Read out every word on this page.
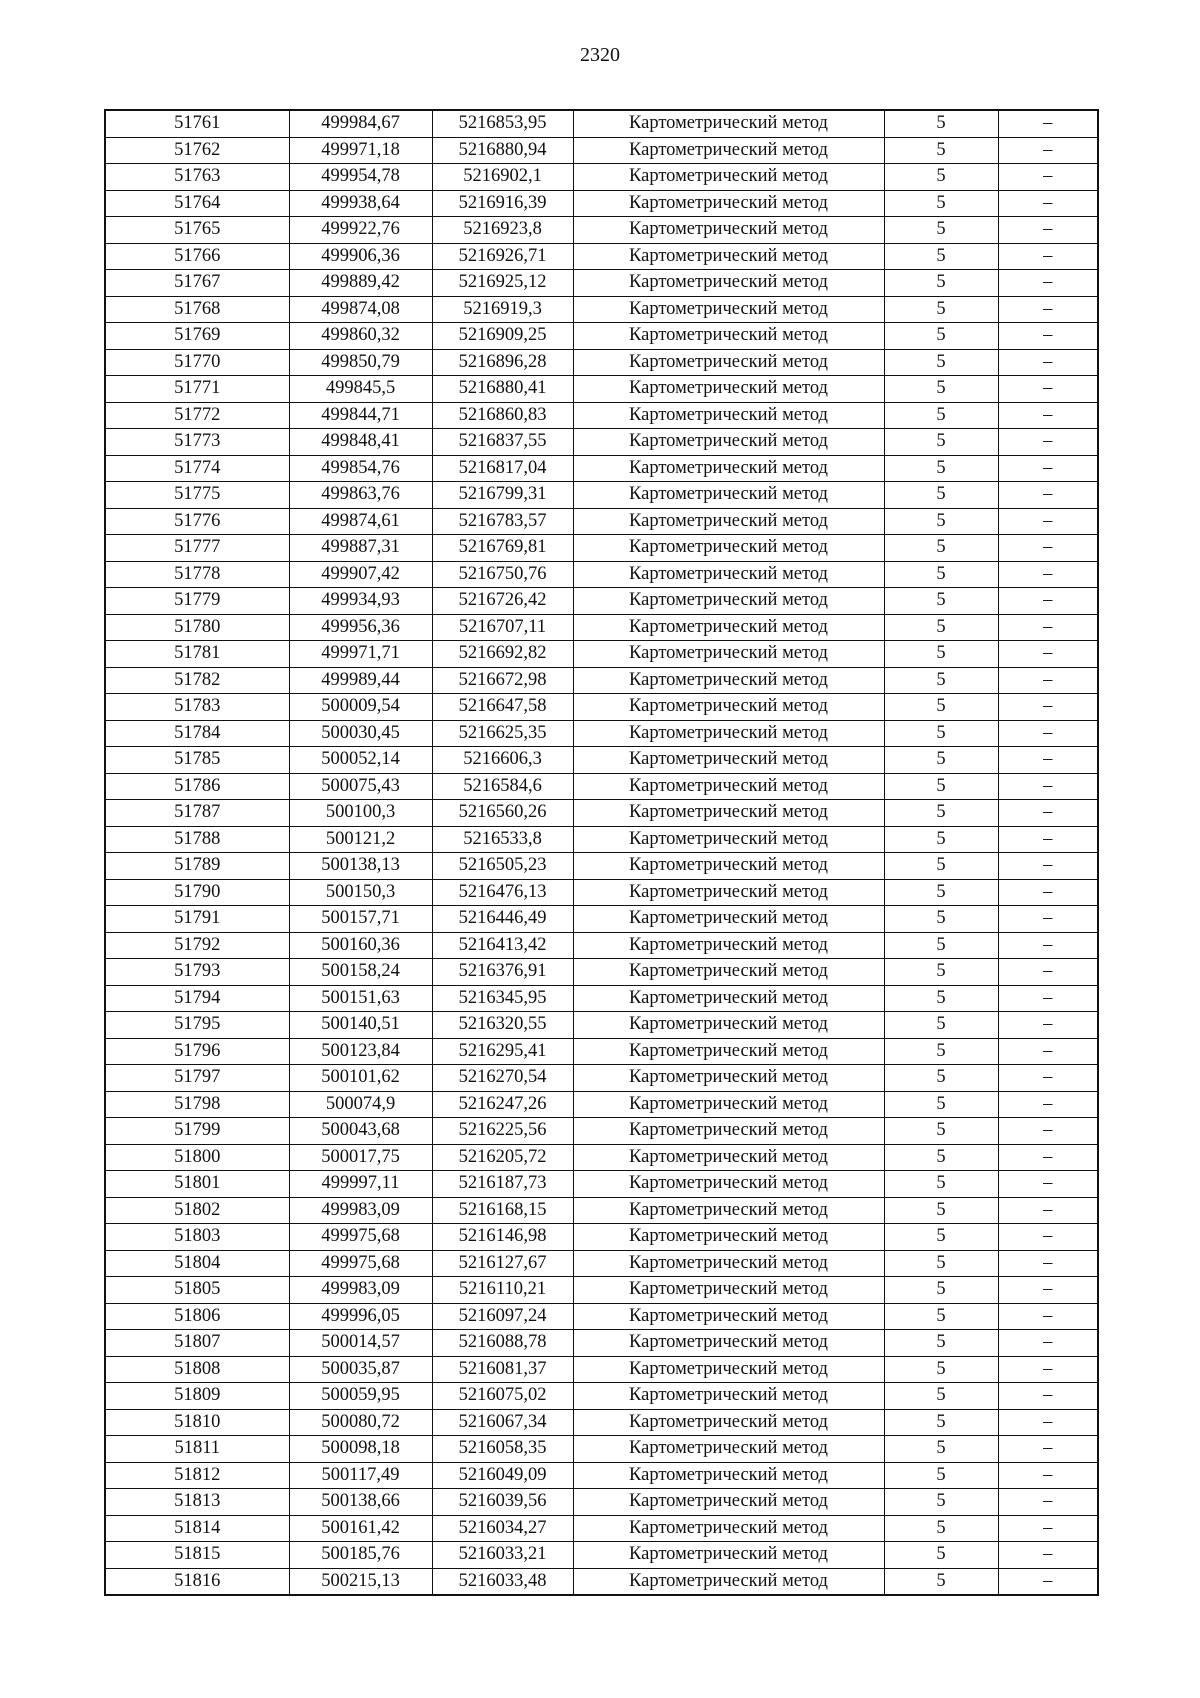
2320
51761	499984,67	5216853,95	Картометрический метод	5	–
51762	499971,18	5216880,94	Картометрический метод	5	–
51763	499954,78	5216902,1	Картометрический метод	5	–
51764	499938,64	5216916,39	Картометрический метод	5	–
51765	499922,76	5216923,8	Картометрический метод	5	–
51766	499906,36	5216926,71	Картометрический метод	5	–
51767	499889,42	5216925,12	Картометрический метод	5	–
51768	499874,08	5216919,3	Картометрический метод	5	–
51769	499860,32	5216909,25	Картометрический метод	5	–
51770	499850,79	5216896,28	Картометрический метод	5	–
51771	499845,5	5216880,41	Картометрический метод	5	–
51772	499844,71	5216860,83	Картометрический метод	5	–
51773	499848,41	5216837,55	Картометрический метод	5	–
51774	499854,76	5216817,04	Картометрический метод	5	–
51775	499863,76	5216799,31	Картометрический метод	5	–
51776	499874,61	5216783,57	Картометрический метод	5	–
51777	499887,31	5216769,81	Картометрический метод	5	–
51778	499907,42	5216750,76	Картометрический метод	5	–
51779	499934,93	5216726,42	Картометрический метод	5	–
51780	499956,36	5216707,11	Картометрический метод	5	–
51781	499971,71	5216692,82	Картометрический метод	5	–
51782	499989,44	5216672,98	Картометрический метод	5	–
51783	500009,54	5216647,58	Картометрический метод	5	–
51784	500030,45	5216625,35	Картометрический метод	5	–
51785	500052,14	5216606,3	Картометрический метод	5	–
51786	500075,43	5216584,6	Картометрический метод	5	–
51787	500100,3	5216560,26	Картометрический метод	5	–
51788	500121,2	5216533,8	Картометрический метод	5	–
51789	500138,13	5216505,23	Картометрический метод	5	–
51790	500150,3	5216476,13	Картометрический метод	5	–
51791	500157,71	5216446,49	Картометрический метод	5	–
51792	500160,36	5216413,42	Картометрический метод	5	–
51793	500158,24	5216376,91	Картометрический метод	5	–
51794	500151,63	5216345,95	Картометрический метод	5	–
51795	500140,51	5216320,55	Картометрический метод	5	–
51796	500123,84	5216295,41	Картометрический метод	5	–
51797	500101,62	5216270,54	Картометрический метод	5	–
51798	500074,9	5216247,26	Картометрический метод	5	–
51799	500043,68	5216225,56	Картометрический метод	5	–
51800	500017,75	5216205,72	Картометрический метод	5	–
51801	499997,11	5216187,73	Картометрический метод	5	–
51802	499983,09	5216168,15	Картометрический метод	5	–
51803	499975,68	5216146,98	Картометрический метод	5	–
51804	499975,68	5216127,67	Картометрический метод	5	–
51805	499983,09	5216110,21	Картометрический метод	5	–
51806	499996,05	5216097,24	Картометрический метод	5	–
51807	500014,57	5216088,78	Картометрический метод	5	–
51808	500035,87	5216081,37	Картометрический метод	5	–
51809	500059,95	5216075,02	Картометрический метод	5	–
51810	500080,72	5216067,34	Картометрический метод	5	–
51811	500098,18	5216058,35	Картометрический метод	5	–
51812	500117,49	5216049,09	Картометрический метод	5	–
51813	500138,66	5216039,56	Картометрический метод	5	–
51814	500161,42	5216034,27	Картометрический метод	5	–
51815	500185,76	5216033,21	Картометрический метод	5	–
51816	500215,13	5216033,48	Картометрический метод	5	–
